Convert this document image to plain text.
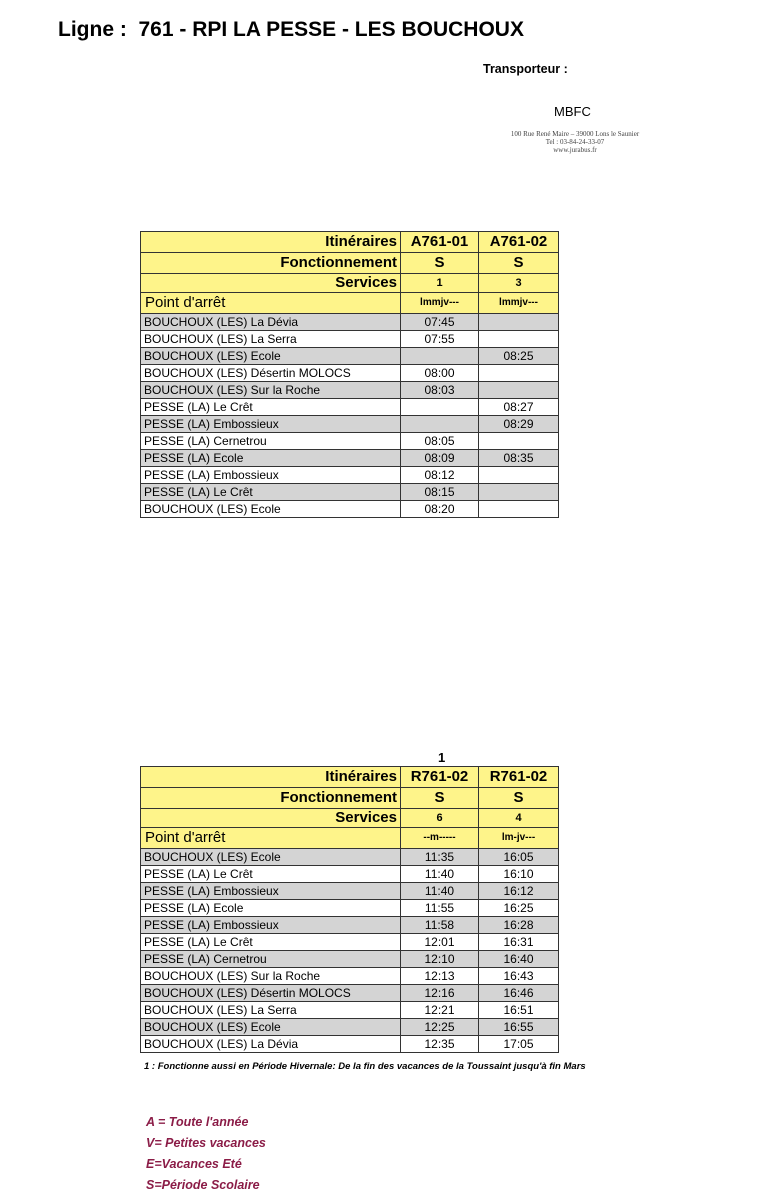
Ligne :  761 - RPI LA PESSE - LES BOUCHOUX
Transporteur :
MBFC
100 Rue René Maire – 39000 Lons le Saunier
Tel : 03-84-24-33-07
www.jurabus.fr
Itinéraires	A761-01	A761-02
Fonctionnement	S	S
Services	1	3
Point d'arrêt	lmmjv---	lmmjv---
BOUCHOUX (LES) La Dévia	07:45	
BOUCHOUX (LES) La Serra	07:55	
BOUCHOUX (LES) Ecole		08:25
BOUCHOUX (LES) Désertin MOLOCS	08:00	
BOUCHOUX (LES) Sur la Roche	08:03	
PESSE (LA) Le Crêt		08:27
PESSE (LA) Embossieux		08:29
PESSE (LA) Cernetrou	08:05	
PESSE (LA) Ecole	08:09	08:35
PESSE (LA) Embossieux	08:12	
PESSE (LA) Le Crêt	08:15	
BOUCHOUX (LES) Ecole	08:20	
1
Itinéraires	R761-02	R761-02
Fonctionnement	S	S
Services	6	4
Point d'arrêt	--m-----	lm-jv---
BOUCHOUX (LES) Ecole	11:35	16:05
PESSE (LA) Le Crêt	11:40	16:10
PESSE (LA) Embossieux	11:40	16:12
PESSE (LA) Ecole	11:55	16:25
PESSE (LA) Embossieux	11:58	16:28
PESSE (LA) Le Crêt	12:01	16:31
PESSE (LA) Cernetrou	12:10	16:40
BOUCHOUX (LES) Sur la Roche	12:13	16:43
BOUCHOUX (LES) Désertin MOLOCS	12:16	16:46
BOUCHOUX (LES) La Serra	12:21	16:51
BOUCHOUX (LES) Ecole	12:25	16:55
BOUCHOUX (LES) La Dévia	12:35	17:05
1 : Fonctionne aussi en Période Hivernale: De la fin des vacances de la Toussaint jusqu'à fin Mars
A = Toute l'année
V= Petites vacances
E=Vacances Eté
S=Période Scolaire
